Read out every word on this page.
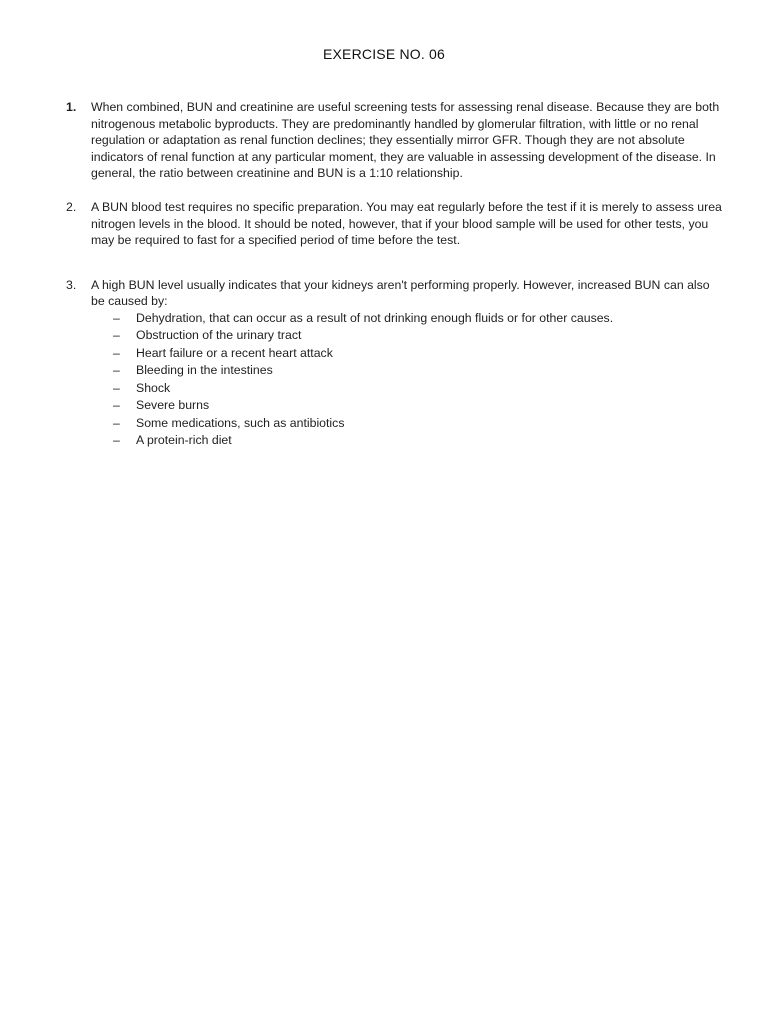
EXERCISE NO. 06
1.	When combined, BUN and creatinine are useful screening tests for assessing renal disease. Because they are both nitrogenous metabolic byproducts. They are predominantly handled by glomerular filtration, with little or no renal regulation or adaptation as renal function declines; they essentially mirror GFR. Though they are not absolute indicators of renal function at any particular moment, they are valuable in assessing development of the disease. In general, the ratio between creatinine and BUN is a 1:10 relationship.
2.	A BUN blood test requires no specific preparation. You may eat regularly before the test if it is merely to assess urea nitrogen levels in the blood. It should be noted, however, that if your blood sample will be used for other tests, you may be required to fast for a specified period of time before the test.
3.	A high BUN level usually indicates that your kidneys aren't performing properly. However, increased BUN can also be caused by:
– Dehydration, that can occur as a result of not drinking enough fluids or for other causes.
– Obstruction of the urinary tract
– Heart failure or a recent heart attack
– Bleeding in the intestines
– Shock
– Severe burns
– Some medications, such as antibiotics
– A protein-rich diet
